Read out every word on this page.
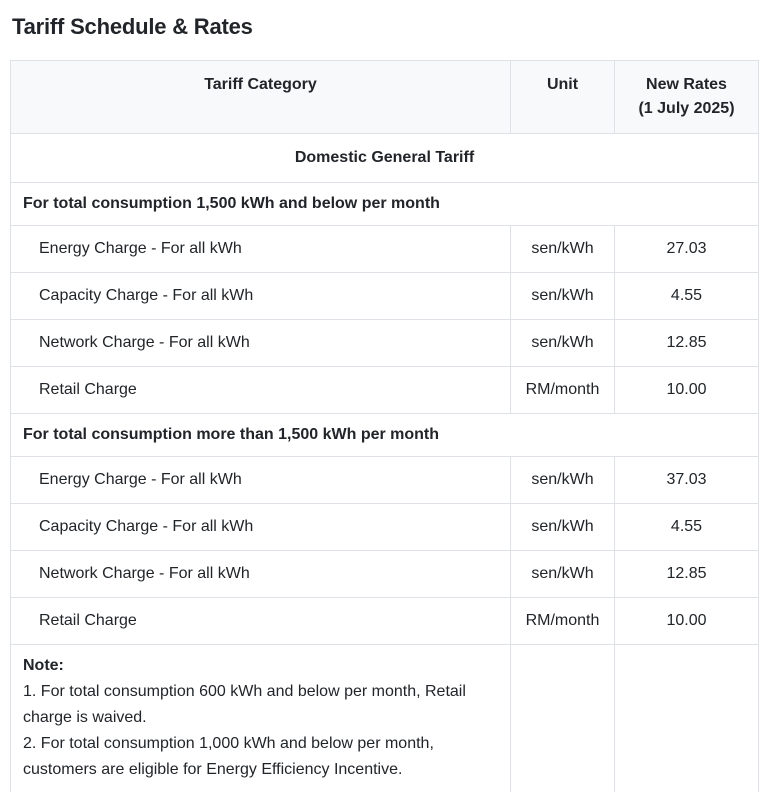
Tariff Schedule & Rates
Tariff Category	Unit	New Rates
(1 July 2025)

Domestic General Tariff		
For total consumption 1,500 kWh and below per month		
Energy Charge - For all kWh	sen/kWh	27.03
Capacity Charge - For all kWh	sen/kWh	4.55
Network Charge - For all kWh	sen/kWh	12.85
Retail Charge	RM/month	10.00
For total consumption more than 1,500 kWh per month		
Energy Charge - For all kWh	sen/kWh	37.03
Capacity Charge - For all kWh	sen/kWh	4.55
Network Charge - For all kWh	sen/kWh	12.85
Retail Charge	RM/month	10.00

Note:
1. For total consumption 600 kWh and below per month, Retail charge is waived.
2. For total consumption 1,000 kWh and below per month, customers are eligible for Energy Efficiency Incentive.		
